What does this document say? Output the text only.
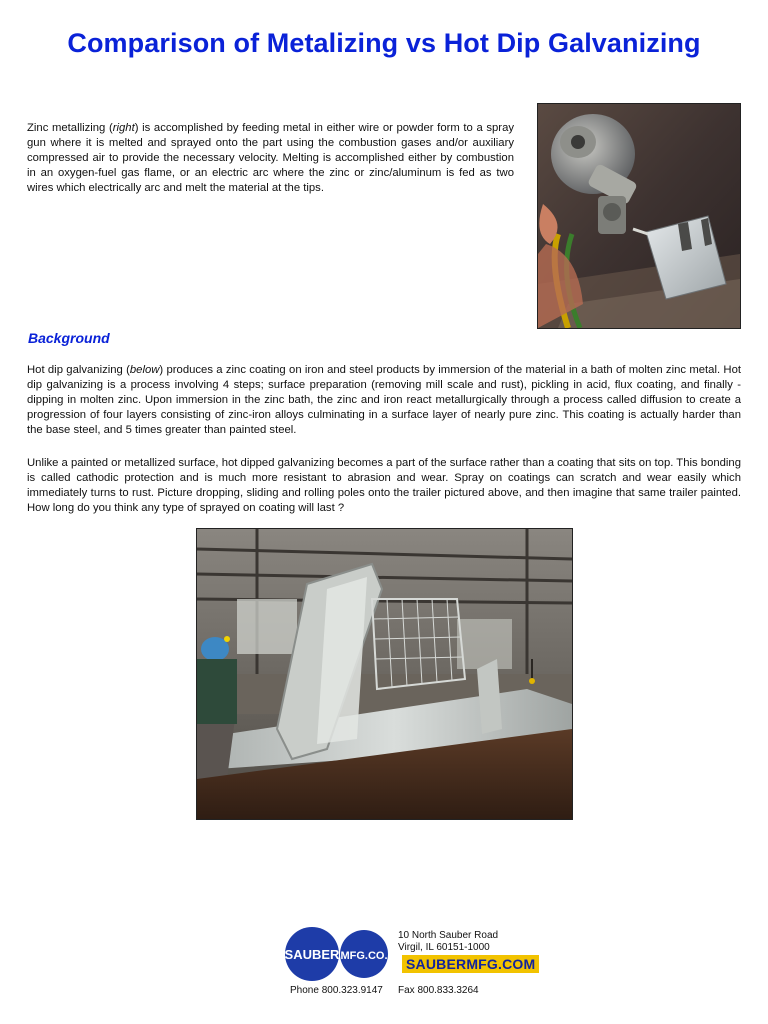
Comparison of Metalizing vs Hot Dip Galvanizing

Zinc metallizing (right) is accomplished by feeding metal in either wire or powder form to a spray gun where it is melted and sprayed onto the part using the combustion gases and/or auxiliary compressed air to provide the necessary velocity. Melting is accomplished either by combustion in an oxygen-fuel gas flame, or an electric arc where the zinc or zinc/aluminum is fed as two wires which electrically arc and melt the material at the tips.

Background

Hot dip galvanizing (below) produces a zinc coating on iron and steel products by immersion of the material in a bath of molten zinc metal. Hot dip galvanizing is a process involving 4 steps; surface preparation (removing mill scale and rust), pickling in acid, flux coating, and finally - dipping in molten zinc. Upon immersion in the zinc bath, the zinc and iron react metallurgically through a process called diffusion to create a progression of four layers consisting of zinc-iron alloys culminating in a surface layer of nearly pure zinc. This coating is actually harder than the base steel, and 5 times greater than painted steel.

Unlike a painted or metallized surface, hot dipped galvanizing becomes a part of the surface rather than a coating that sits on top. This bonding is called cathodic protection and is much more resistant to abrasion and wear. Spray on coatings can scratch and wear easily which immediately turns to rust. Picture dropping, sliding and rolling poles onto the trailer pictured above, and then imagine that same trailer painted. How long do you think any type of sprayed on coating will last ?

SAUBER MFG.CO.

10 North Sauber Road

Virgil, IL 60151-1000

SAUBERMFG.COM
Phone 800.323.9147 Fax 800.833.3264
